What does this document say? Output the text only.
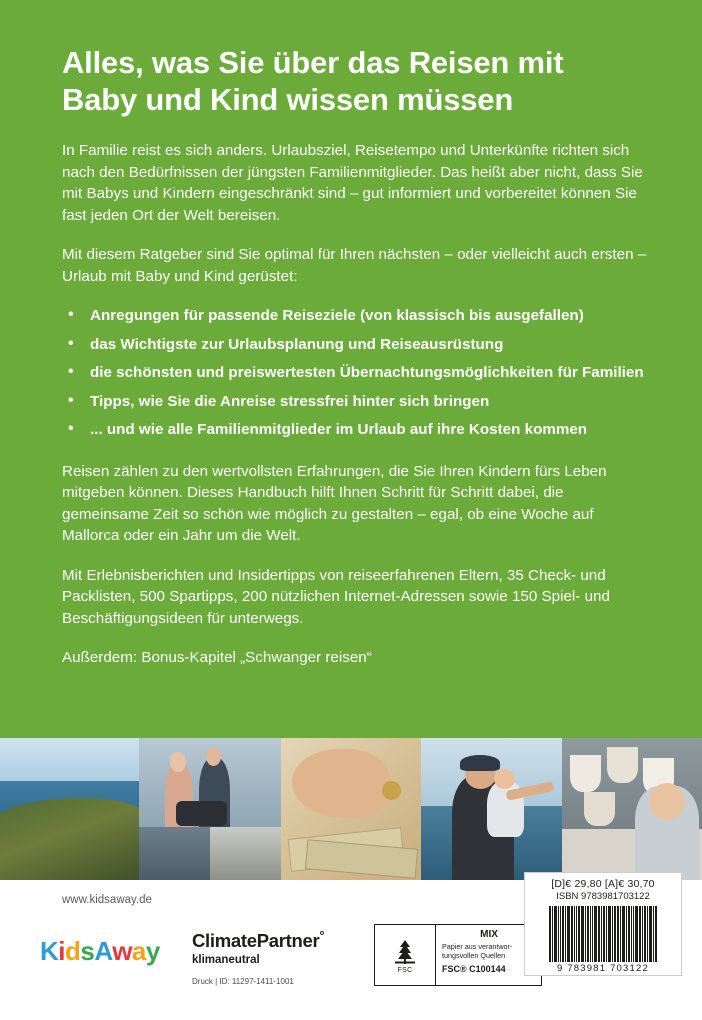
Alles, was Sie über das Reisen mit
Baby und Kind wissen müssen

In Familie reist es sich anders. Urlaubsziel, Reisetempo und Unterkünfte richten sich nach den Bedürfnissen der jüngsten Familienmitglieder. Das heißt aber nicht, dass Sie mit Babys und Kindern eingeschränkt sind – gut informiert und vorbereitet können Sie fast jeden Ort der Welt bereisen.

Mit diesem Ratgeber sind Sie optimal für Ihren nächsten – oder vielleicht auch ersten – Urlaub mit Baby und Kind gerüstet:

• Anregungen für passende Reiseziele (von klassisch bis ausgefallen)
• das Wichtigste zur Urlaubsplanung und Reiseausrüstung
• die schönsten und preiswertesten Übernachtungsmöglichkeiten für Familien
• Tipps, wie Sie die Anreise stressfrei hinter sich bringen
• ... und wie alle Familienmitglieder im Urlaub auf ihre Kosten kommen

Reisen zählen zu den wertvollsten Erfahrungen, die Sie Ihren Kindern fürs Leben mitgeben können. Dieses Handbuch hilft Ihnen Schritt für Schritt dabei, die gemeinsame Zeit so schön wie möglich zu gestalten – egal, ob eine Woche auf Mallorca oder ein Jahr um die Welt.

Mit Erlebnisberichten und Insidertipps von reiseerfahrenen Eltern, 35 Check- und Packlisten, 500 Spartipps, 200 nützlichen Internet-Adressen sowie 150 Spiel- und Beschäftigungsideen für unterwegs.

Außerdem: Bonus-Kapitel „Schwanger reisen“

www.kidsaway.de
KidsAway ClimatePartner°
klimaneutral
Druck | ID: 11297-1411-1001
FSC
MIX
Papier aus verantwor- tungsvollen Quellen
FSC® C100144
[D]€ 29,80 [A]€ 30,70
ISBN 9783981703122
9 783981 703122
